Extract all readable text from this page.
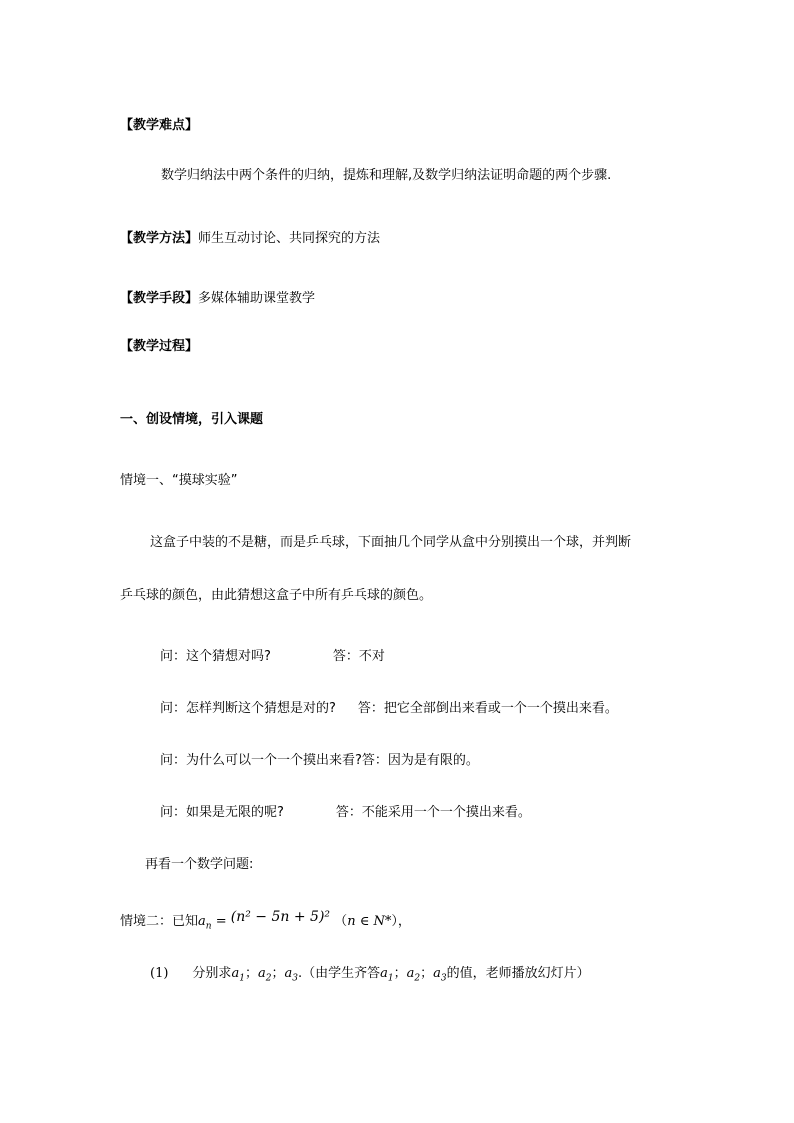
【教学难点】
数学归纳法中两个条件的归纳，提炼和理解,及数学归纳法证明命题的两个步骤.
【教学方法】师生互动讨论、共同探究的方法
【教学手段】多媒体辅助课堂教学
【教学过程】
一、创设情境，引入课题
情境一、“摸球实验”
这盒子中装的不是糖，而是乒乓球，下面抽几个同学从盒中分别摸出一个球，并判断
乒乓球的颜色，由此猜想这盒子中所有乒乓球的颜色。
问：这个猜想对吗?	答：不对
问：怎样判断这个猜想是对的? 答：把它全部倒出来看或一个一个摸出来看。
问：为什么可以一个一个摸出来看?答：因为是有限的。
问：如果是无限的呢?	答：不能采用一个一个摸出来看。
再看一个数学问题:
情境二：已知$a_n = (n^2 - 5n + 5)^2$ （n ∈ N*），
(1) 分别求$a_1$；$a_2$；$a_3$.（由学生齐答$a_1$；$a_2$；$a_3$的值，老师播放幻灯片）
